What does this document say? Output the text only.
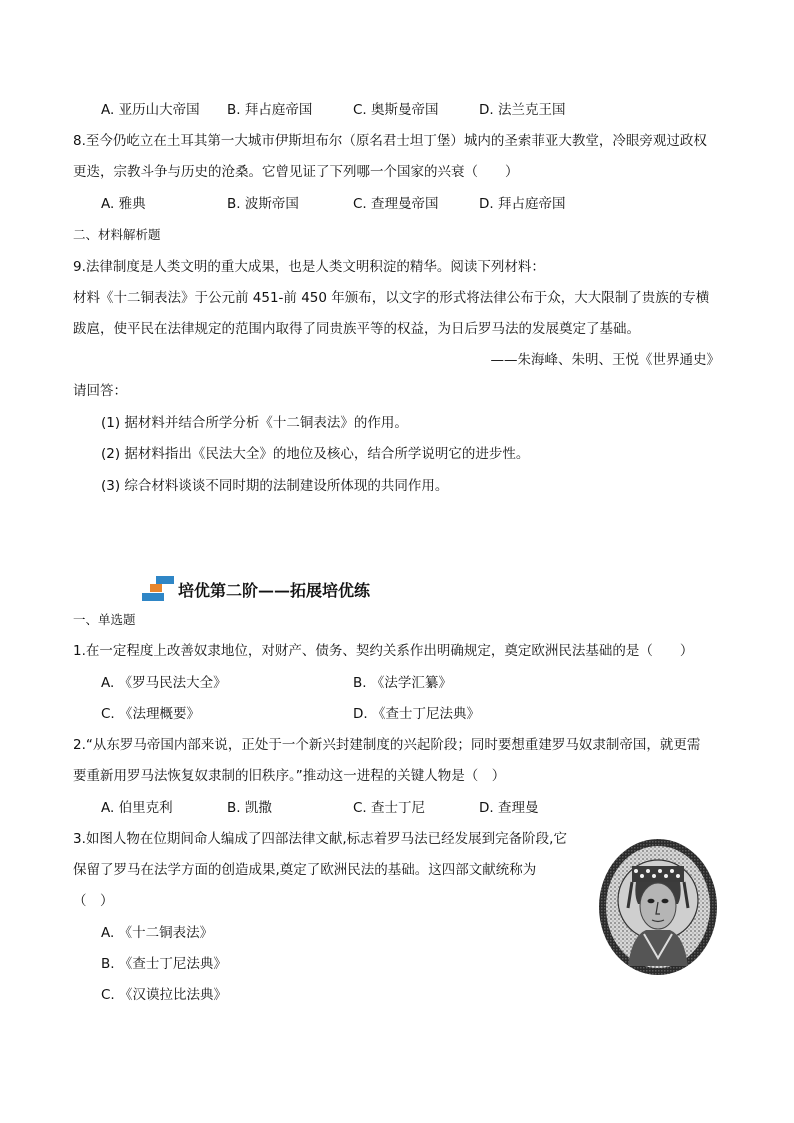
A. 亚历山大帝国 B. 拜占庭帝国	C. 奥斯曼帝国	D. 法兰克王国
8.至今仍屹立在土耳其第一大城市伊斯坦布尔（原名君士坦丁堡）城内的圣索菲亚大教堂，冷眼旁观过政权
更迭，宗教斗争与历史的沧桑。它曾见证了下列哪一个国家的兴衰（　　）
A. 雅典	B. 波斯帝国	C. 查理曼帝国	D. 拜占庭帝国
二、材料解析题
9.法律制度是人类文明的重大成果，也是人类文明积淀的精华。阅读下列材料：
材料《十二铜表法》于公元前 451-前 450 年颁布，以文字的形式将法律公布于众，大大限制了贵族的专横
跋扈，使平民在法律规定的范围内取得了同贵族平等的权益，为日后罗马法的发展奠定了基础。
——朱海峰、朱明、王悦《世界通史》
请回答：
(1) 据材料并结合所学分析《十二铜表法》的作用。
(2) 据材料指出《民法大全》的地位及核心，结合所学说明它的进步性。
(3) 综合材料谈谈不同时期的法制建设所体现的共同作用。
培优第二阶——拓展培优练
一、单选题
1.在一定程度上改善奴隶地位，对财产、债务、契约关系作出明确规定，奠定欧洲民法基础的是（　　）
A. 《罗马民法大全》	B. 《法学汇纂》
C. 《法理概要》	D. 《查士丁尼法典》
2.“从东罗马帝国内部来说，正处于一个新兴封建制度的兴起阶段；同时要想重建罗马奴隶制帝国，就更需
要重新用罗马法恢复奴隶制的旧秩序。”推动这一进程的关键人物是（　）
A. 伯里克利	B. 凯撒	C. 查士丁尼	D. 查理曼
3.如图人物在位期间命人编成了四部法律文献,标志着罗马法已经发展到完备阶段,它
保留了罗马在法学方面的创造成果,奠定了欧洲民法的基础。这四部文献统称为
（　）
A. 《十二铜表法》
B. 《查士丁尼法典》
C. 《汉谟拉比法典》
